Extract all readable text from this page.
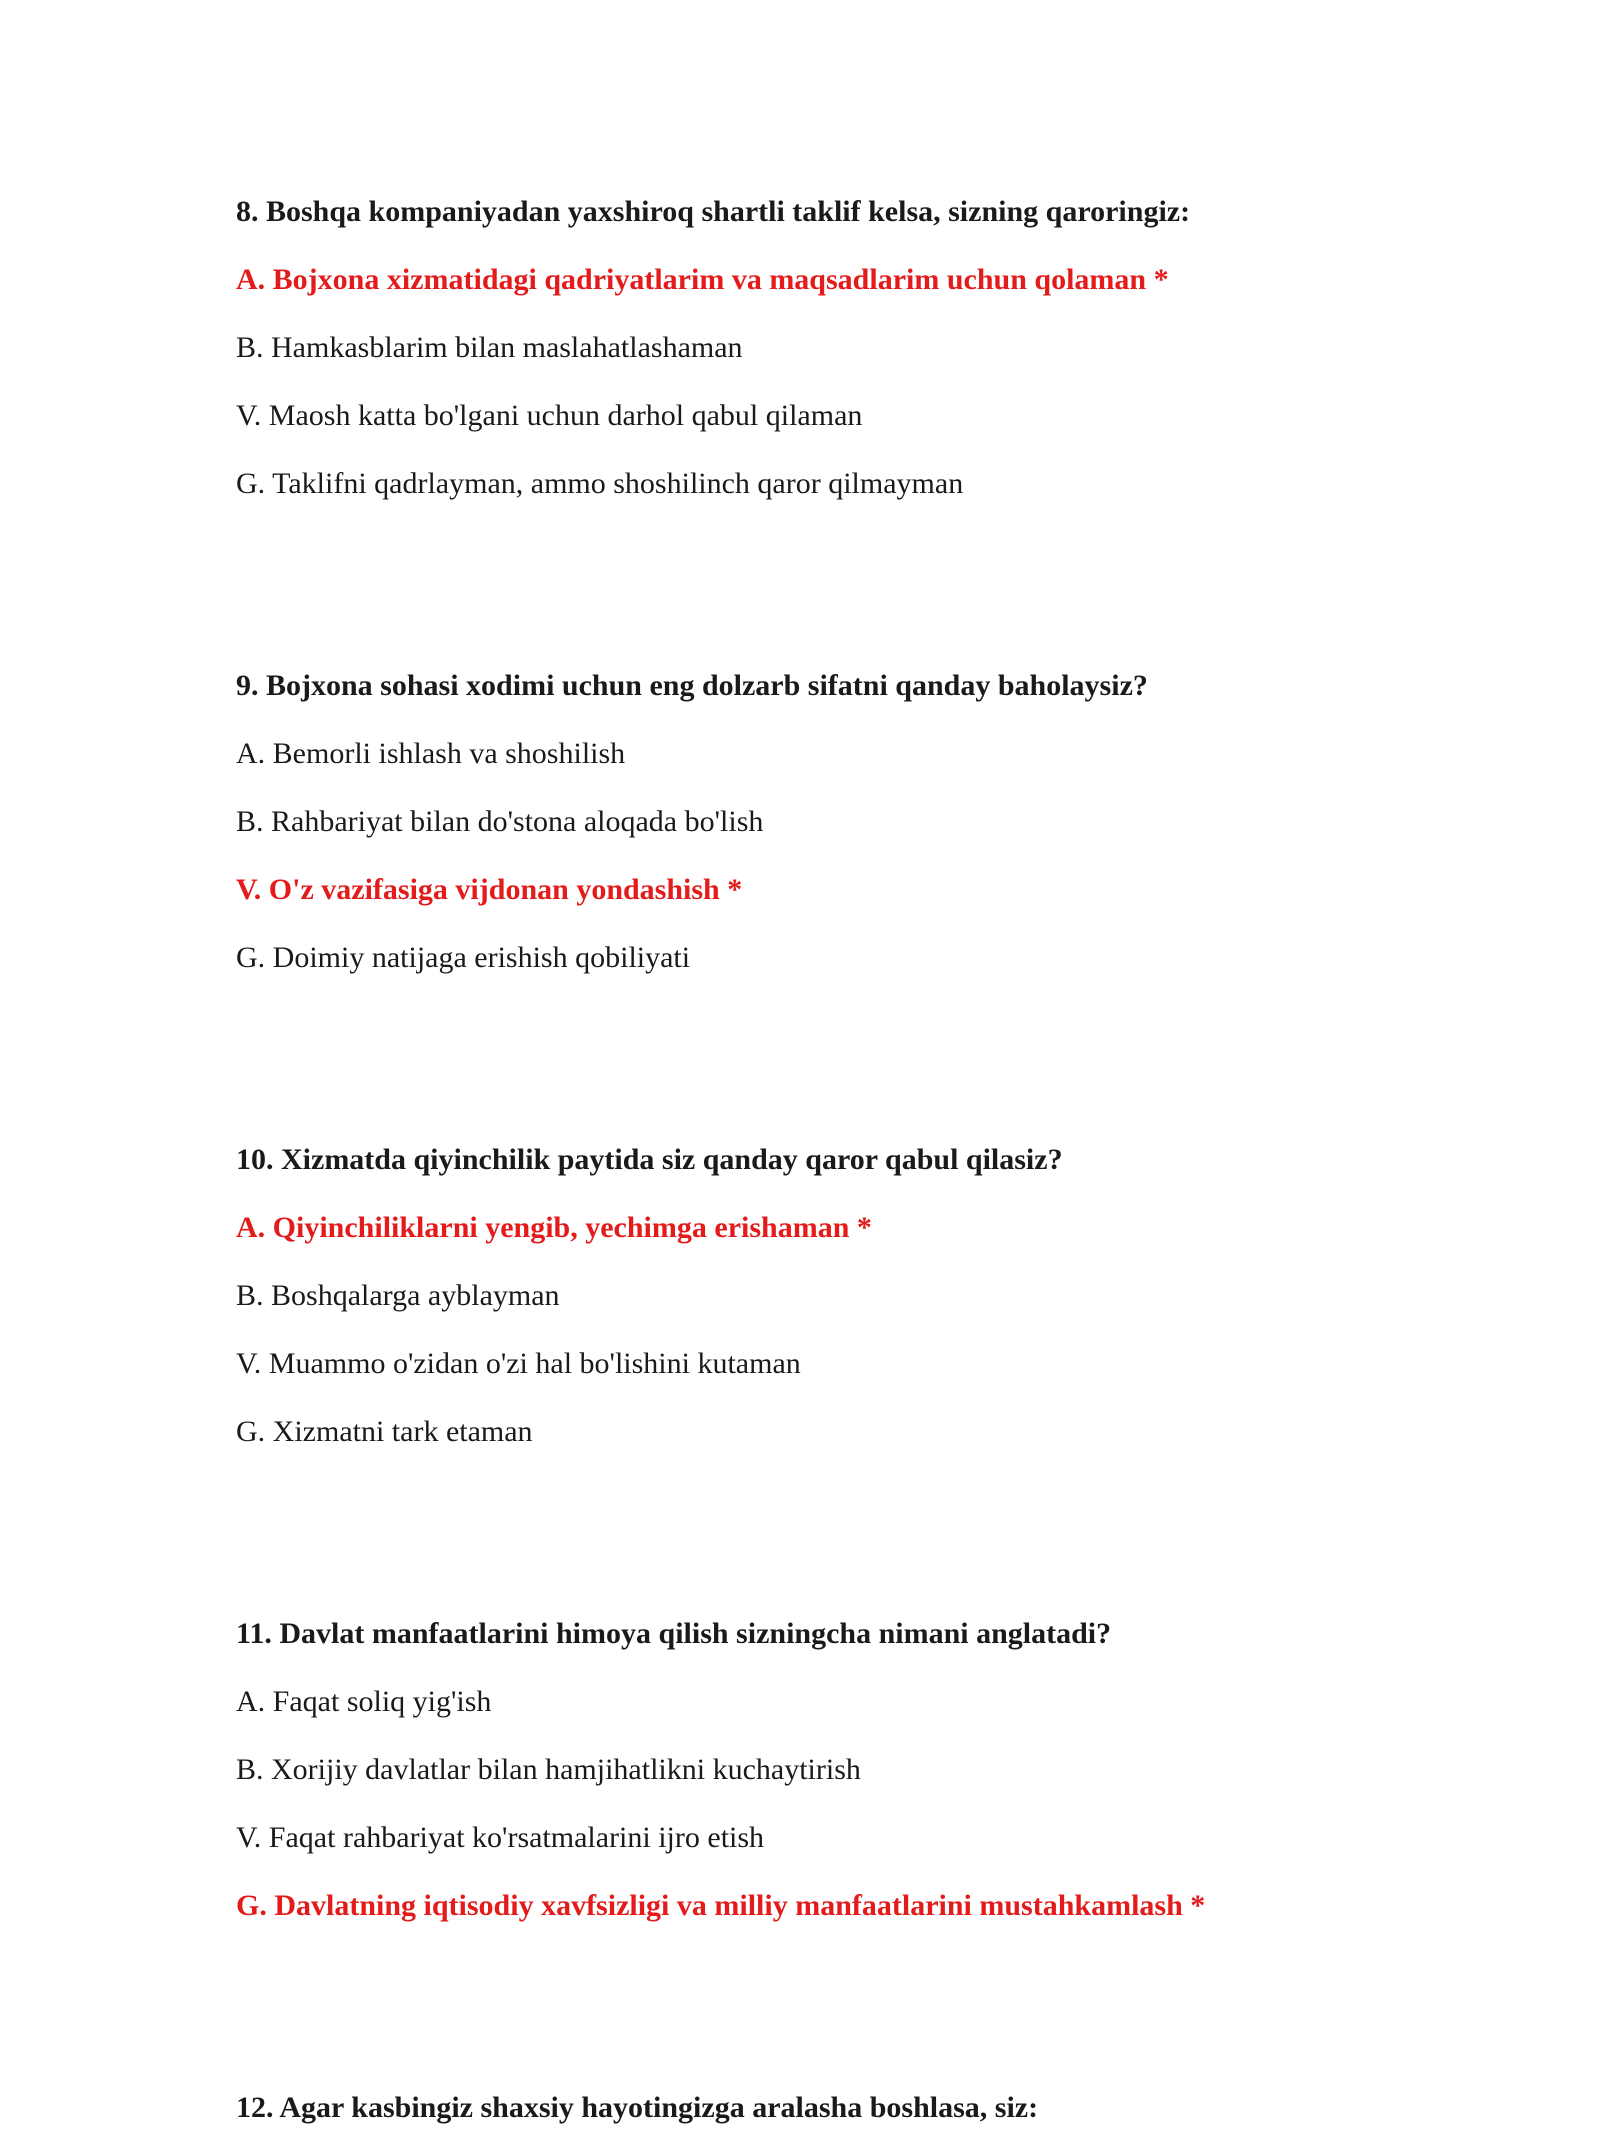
8. Boshqa kompaniyadan yaxshiroq shartli taklif kelsa, sizning qaroringiz:

A. Bojxona xizmatidagi qadriyatlarim va maqsadlarim uchun qolaman *

B. Hamkasblarim bilan maslahatlashaman

V. Maosh katta bo'lgani uchun darhol qabul qilaman

G. Taklifni qadrlayman, ammo shoshilinch qaror qilmayman

9. Bojxona sohasi xodimi uchun eng dolzarb sifatni qanday baholaysiz?

A. Bemorli ishlash va shoshilish

B. Rahbariyat bilan do'stona aloqada bo'lish

V. O'z vazifasiga vijdonan yondashish *

G. Doimiy natijaga erishish qobiliyati

10. Xizmatda qiyinchilik paytida siz qanday qaror qabul qilasiz?

A. Qiyinchiliklarni yengib, yechimga erishaman *

B. Boshqalarga ayblayman

V. Muammo o'zidan o'zi hal bo'lishini kutaman

G. Xizmatni tark etaman

11. Davlat manfaatlarini himoya qilish sizningcha nimani anglatadi?

A. Faqat soliq yig'ish

B. Xorijiy davlatlar bilan hamjihatlikni kuchaytirish

V. Faqat rahbariyat ko'rsatmalarini ijro etish

G. Davlatning iqtisodiy xavfsizligi va milliy manfaatlarini mustahkamlash *

12. Agar kasbingiz shaxsiy hayotingizga aralasha boshlasa, siz:
